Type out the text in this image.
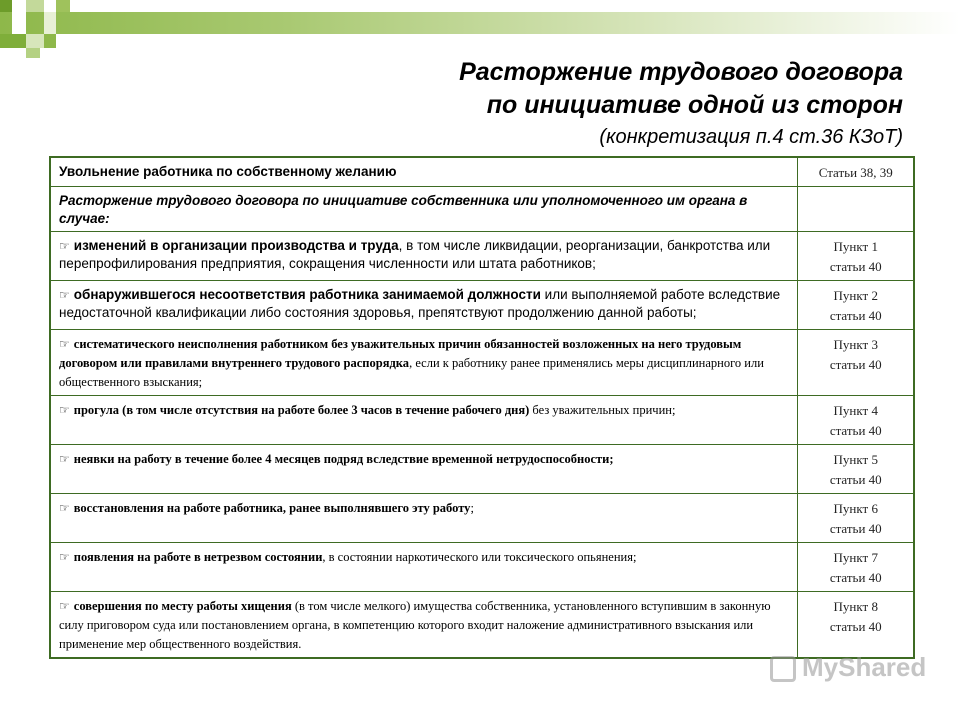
Расторжение трудового договора
по инициативе одной из сторон
(конкретизация п.4 ст.36 КЗоТ)
Увольнение работника по собственному желанию	Статьи 38, 39
Расторжение трудового договора по инициативе собственника или уполномоченного им органа в случае:	
☞ изменений в организации производства и труда, в том числе ликвидации, реорганизации, банкротства или перепрофилирования предприятия, сокращения численности или штата работников;	Пункт 1
статьи 40

☞ обнаружившегося несоответствия работника занимаемой должности или выполняемой работе вследствие недостаточной квалификации либо состояния здоровья, препятствуют продолжению данной работы;	Пункт 2
статьи 40

☞ систематического неисполнения работником без уважительных причин обязанностей возложенных на него трудовым договором или правилами внутреннего трудового распорядка, если к работнику ранее применялись меры дисциплинарного или общественного взыскания;	Пункт 3
статьи 40

☞ прогула (в том числе отсутствия на работе более 3 часов в течение рабочего дня) без уважительных причин;	Пункт 4
статьи 40

☞ неявки на работу в течение более 4 месяцев подряд вследствие временной нетрудоспособности;	Пункт 5
статьи 40

☞ восстановления на работе работника, ранее выполнявшего эту работу;	Пункт 6
статьи 40

☞ появления на работе в нетрезвом состоянии, в состоянии наркотического или токсического опьянения;	Пункт 7
статьи 40

☞ совершения по месту работы хищения (в том числе мелкого) имущества собственника, установленного вступившим в законную силу приговором суда или постановлением органа, в компетенцию которого входит наложение административного взыскания или применение мер общественного воздействия.	Пункт 8
статьи 40
MyShared
